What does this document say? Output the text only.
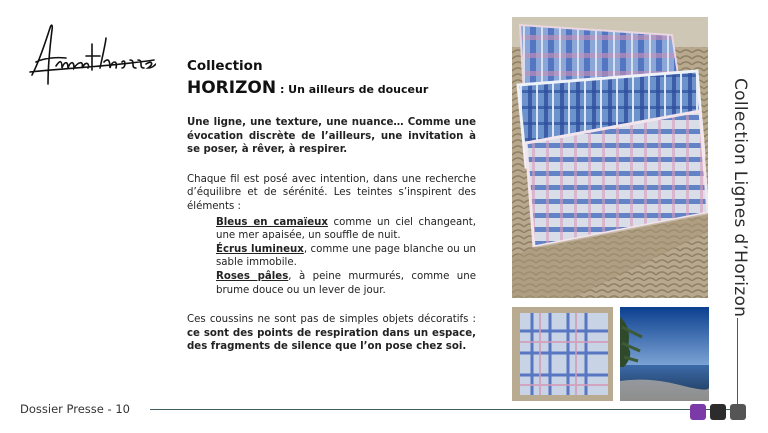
Collection
HORIZON : Un ailleurs de douceur

Une ligne, une texture, une nuance… Comme une évocation discrète de l’ailleurs, une invitation à se poser, à rêver, à respirer.

Chaque fil est posé avec intention, dans une recherche d’équilibre et de sérénité. Les teintes s’inspirent des éléments :

Bleus en camaïeux comme un ciel changeant, une mer apaisée, un souffle de nuit.

Écrus lumineux, comme une page blanche ou un sable immobile.

Roses pâles, à peine murmurés, comme une brume douce ou un lever de jour.

Ces coussins ne sont pas de simples objets décoratifs : ce sont des points de respiration dans un espace, des fragments de silence que l’on pose chez soi.

Collection Lignes d’Horizon
Dossier Presse - 10
